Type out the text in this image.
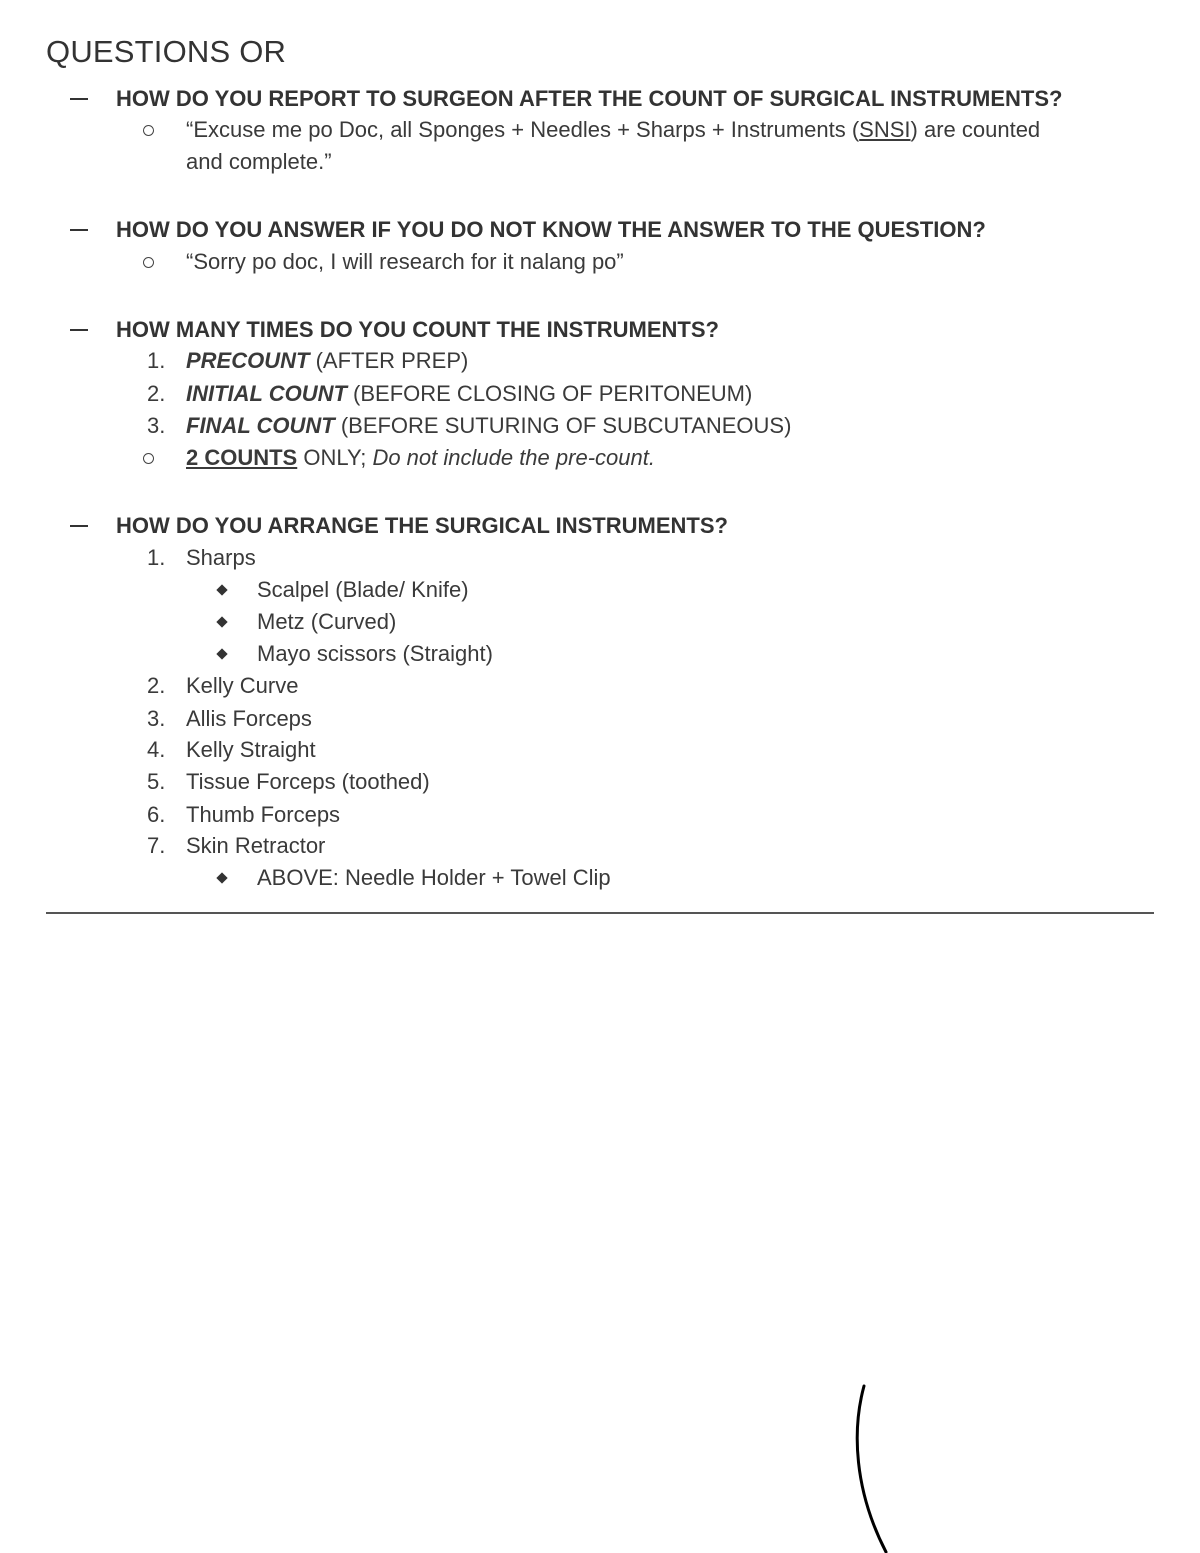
QUESTIONS OR
HOW DO YOU REPORT TO SURGEON AFTER THE COUNT OF SURGICAL INSTRUMENTS?
“Excuse me po Doc, all Sponges + Needles + Sharps + Instruments (SNSI) are counted
and complete.”
HOW DO YOU ANSWER IF YOU DO NOT KNOW THE ANSWER TO THE QUESTION?
“Sorry po doc, I will research for it nalang po”
HOW MANY TIMES DO YOU COUNT THE INSTRUMENTS?
1. PRECOUNT (AFTER PREP)
2. INITIAL COUNT (BEFORE CLOSING OF PERITONEUM)
3. FINAL COUNT (BEFORE SUTURING OF SUBCUTANEOUS)
2 COUNTS ONLY; Do not include the pre-count.
HOW DO YOU ARRANGE THE SURGICAL INSTRUMENTS?
1. Sharps
Scalpel (Blade/ Knife)
Metz (Curved)
Mayo scissors (Straight)
2. Kelly Curve
3. Allis Forceps
4. Kelly Straight
5. Tissue Forceps (toothed)
6. Thumb Forceps
7. Skin Retractor
ABOVE: Needle Holder + Towel Clip
